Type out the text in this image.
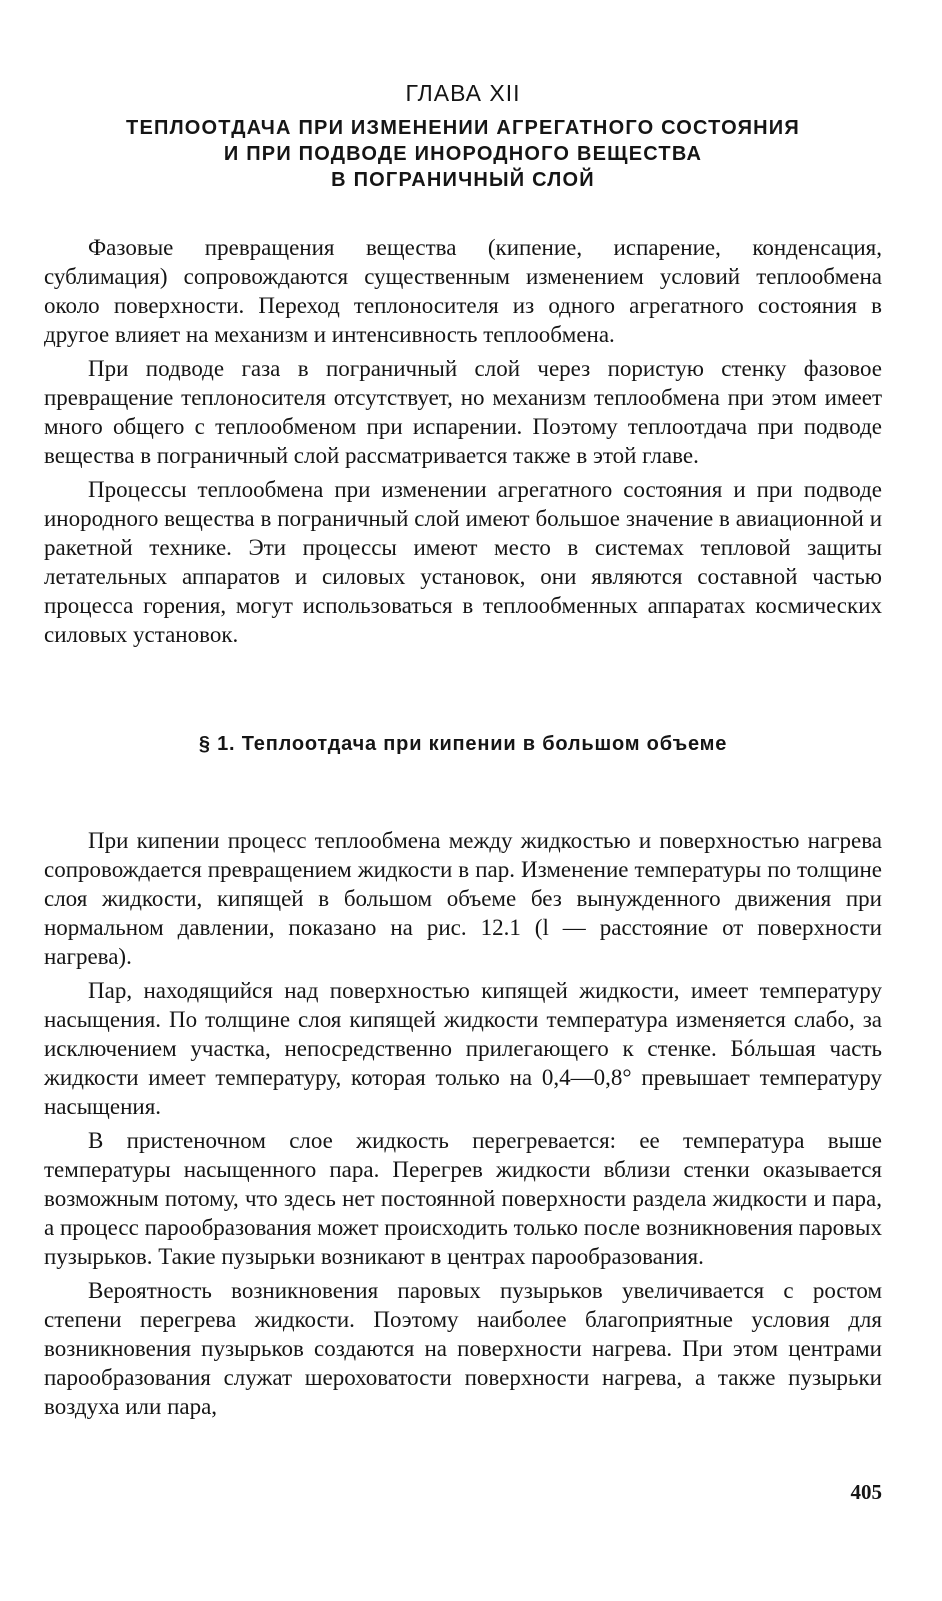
ГЛАВА XII
ТЕПЛООТДАЧА ПРИ ИЗМЕНЕНИИ АГРЕГАТНОГО СОСТОЯНИЯ
И ПРИ ПОДВОДЕ ИНОРОДНОГО ВЕЩЕСТВА
В ПОГРАНИЧНЫЙ СЛОЙ

Фазовые превращения вещества (кипение, испарение, конденсация, сублимация) сопровождаются существенным изменением условий теплообмена около поверхности. Переход теплоносителя из одного агрегатного состояния в другое влияет на механизм и интенсивность теплообмена.

При подводе газа в пограничный слой через пористую стенку фазовое превращение теплоносителя отсутствует, но механизм теплообмена при этом имеет много общего с теплообменом при испарении. Поэтому теплоотдача при подводе вещества в пограничный слой рассматривается также в этой главе.

Процессы теплообмена при изменении агрегатного состояния и при подводе инородного вещества в пограничный слой имеют большое значение в авиационной и ракетной технике. Эти процессы имеют место в системах тепловой защиты летательных аппаратов и силовых установок, они являются составной частью процесса горения, могут использоваться в теплообменных аппаратах космических силовых установок.

§ 1. Теплоотдача при кипении в большом объеме

При кипении процесс теплообмена между жидкостью и поверхностью нагрева сопровождается превращением жидкости в пар. Изменение температуры по толщине слоя жидкости, кипящей в большом объеме без вынужденного движения при нормальном давлении, показано на рис. 12.1 (l — расстояние от поверхности нагрева).

Пар, находящийся над поверхностью кипящей жидкости, имеет температуру насыщения. По толщине слоя кипящей жидкости температура изменяется слабо, за исключением участка, непосредственно прилегающего к стенке. Бóльшая часть жидкости имеет температуру, которая только на 0,4—0,8° превышает температуру насыщения.

В пристеночном слое жидкость перегревается: ее температура выше температуры насыщенного пара. Перегрев жидкости вблизи стенки оказывается возможным потому, что здесь нет постоянной поверхности раздела жидкости и пара, а процесс парообразования может происходить только после возникновения паровых пузырьков. Такие пузырьки возникают в центрах парообразования.

Вероятность возникновения паровых пузырьков увеличивается с ростом степени перегрева жидкости. Поэтому наиболее благоприятные условия для возникновения пузырьков создаются на поверхности нагрева. При этом центрами парообразования служат шероховатости поверхности нагрева, а также пузырьки воздуха или пара,

405
